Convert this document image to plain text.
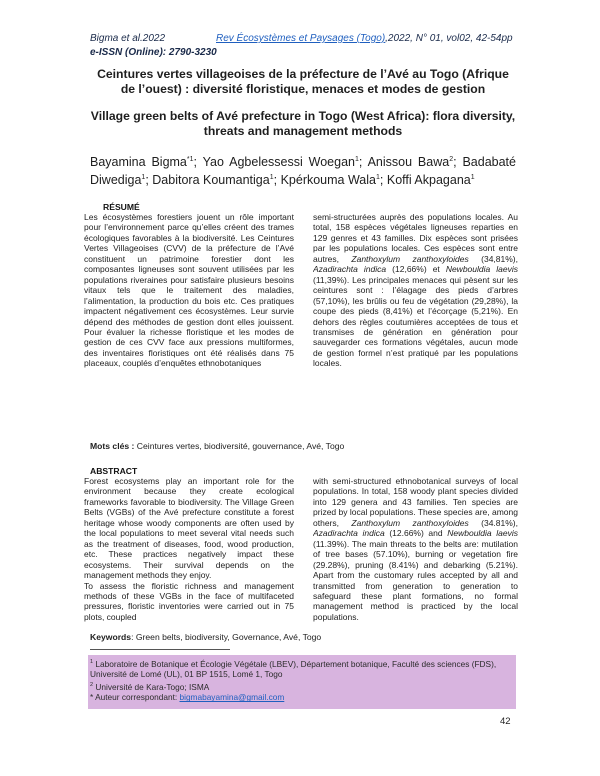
Bigma et al.2022	Rev Écosystèmes et Paysages (Togo),2022, N° 01, vol02, 42-54pp
e-ISSN (Online): 2790-3230
Ceintures vertes villageoises de la préfecture de l’Avé au Togo (Afrique de l’ouest) : diversité floristique, menaces et modes de gestion
Village green belts of Avé prefecture in Togo (West Africa): flora diversity, threats and management methods
Bayamina Bigma$^{*1}$; Yao Agbelessessi Woegan$^1$; Anissou Bawa$^2$; Badabaté Diwediga$^1$; Dabitora Koumantiga$^1$; Kpérkouma Wala$^1$; Koffi Akpagana$^1$
RÉSUMÉ

Les écosystèmes forestiers jouent un rôle important pour l’environnement parce qu’elles créent des trames écologiques favorables à la biodiversité. Les Ceintures Vertes Villageoises (CVV) de la préfecture de l’Avé constituent un patrimoine forestier dont les composantes ligneuses sont souvent utilisées par les populations riveraines pour satisfaire plusieurs besoins vitaux tels que le traitement des maladies, l’alimentation, la production du bois etc. Ces pratiques impactent négativement ces écosystèmes. Leur survie dépend des méthodes de gestion dont elles jouissent. Pour évaluer la richesse floristique et les modes de gestion de ces CVV face aux pressions multiformes, des inventaires floristiques ont été réalisés dans 75 placeaux, couplés d’enquêtes ethnobotaniques

semi-structurées auprès des populations locales. Au total, 158 espèces végétales ligneuses reparties en 129 genres et 43 familles. Dix espèces sont prisées par les populations locales. Ces espèces sont entre autres, Zanthoxylum zanthoxyloides (34,81%), Azadirachta indica (12,66%) et Newbouldia laevis (11,39%). Les principales menaces qui pèsent sur les ceintures sont : l’élagage des pieds d’arbres (57,10%), les brûlis ou feu de végétation (29,28%), la coupe des pieds (8,41%) et l’écorçage (5,21%). En dehors des règles coutumières acceptées de tous et transmises de génération en génération pour sauvegarder ces formations végétales, aucun mode de gestion formel n’est pratiqué par les populations locales.

Mots clés : Ceintures vertes, biodiversité, gouvernance, Avé, Togo
ABSTRACT

Forest ecosystems play an important role for the environment because they create ecological frameworks favorable to biodiversity. The Village Green Belts (VGBs) of the Avé prefecture constitute a forest heritage whose woody components are often used by the local populations to meet several vital needs such as the treatment of diseases, food, wood production, etc. These practices negatively impact these ecosystems. Their survival depends on the management methods they enjoy.

To assess the floristic richness and management methods of these VGBs in the face of multifaceted pressures, floristic inventories were carried out in 75 plots, coupled

with semi-structured ethnobotanical surveys of local populations. In total, 158 woody plant species divided into 129 genera and 43 families. Ten species are prized by local populations. These species are, among others, Zanthoxylum zanthoxyloides (34.81%), Azadirachta indica (12.66%) and Newbouldia laevis (11.39%). The main threats to the belts are: mutilation of tree bases (57.10%), burning or vegetation fire (29.28%), pruning (8.41%) and debarking (5.21%). Apart from the customary rules accepted by all and transmitted from generation to generation to safeguard these plant formations, no formal management method is practiced by the local populations.

Keywords: Green belts, biodiversity, Governance, Avé, Togo
$^1$ Laboratoire de Botanique et Écologie Végétale (LBEV), Département botanique, Faculté des sciences (FDS), Université de Lomé (UL), 01 BP 1515, Lomé 1, Togo
$^2$ Université de Kara-Togo; ISMA
* Auteur correspondant: bigmabayamina@gmail.com
42
